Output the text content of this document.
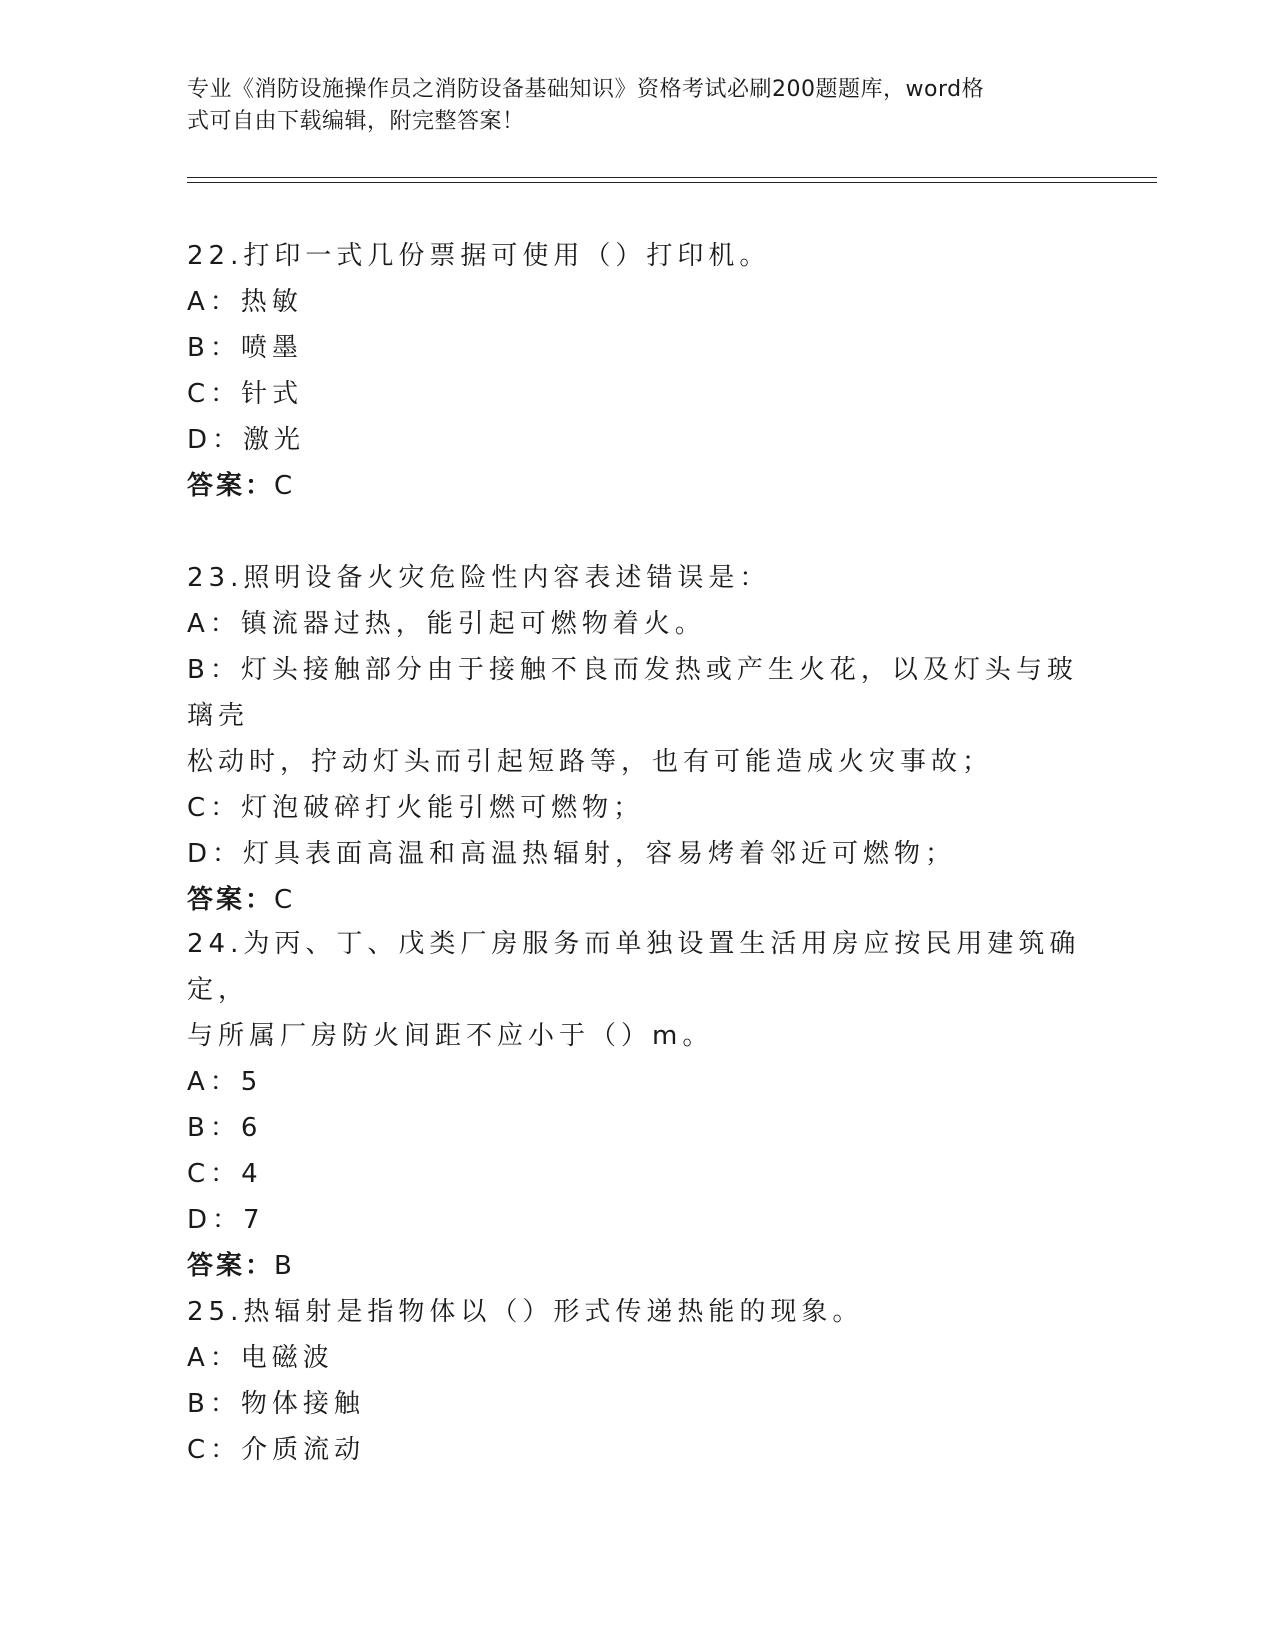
专业《消防设施操作员之消防设备基础知识》资格考试必刷200题题库，word格
式可自由下载编辑，附完整答案！

22.打印一式几份票据可使用（）打印机。

A：热敏

B：喷墨

C：针式

D：激光

答案：C

23.照明设备火灾危险性内容表述错误是：

A：镇流器过热，能引起可燃物着火。

B：灯头接触部分由于接触不良而发热或产生火花，以及灯头与玻璃壳

松动时，拧动灯头而引起短路等，也有可能造成火灾事故；

C：灯泡破碎打火能引燃可燃物；

D：灯具表面高温和高温热辐射，容易烤着邻近可燃物；

答案：C

24.为丙、丁、戊类厂房服务而单独设置生活用房应按民用建筑确定，

与所属厂房防火间距不应小于（）m。

A：5

B：6

C：4

D：7

答案：B

25.热辐射是指物体以（）形式传递热能的现象。

A：电磁波

B：物体接触

C：介质流动
